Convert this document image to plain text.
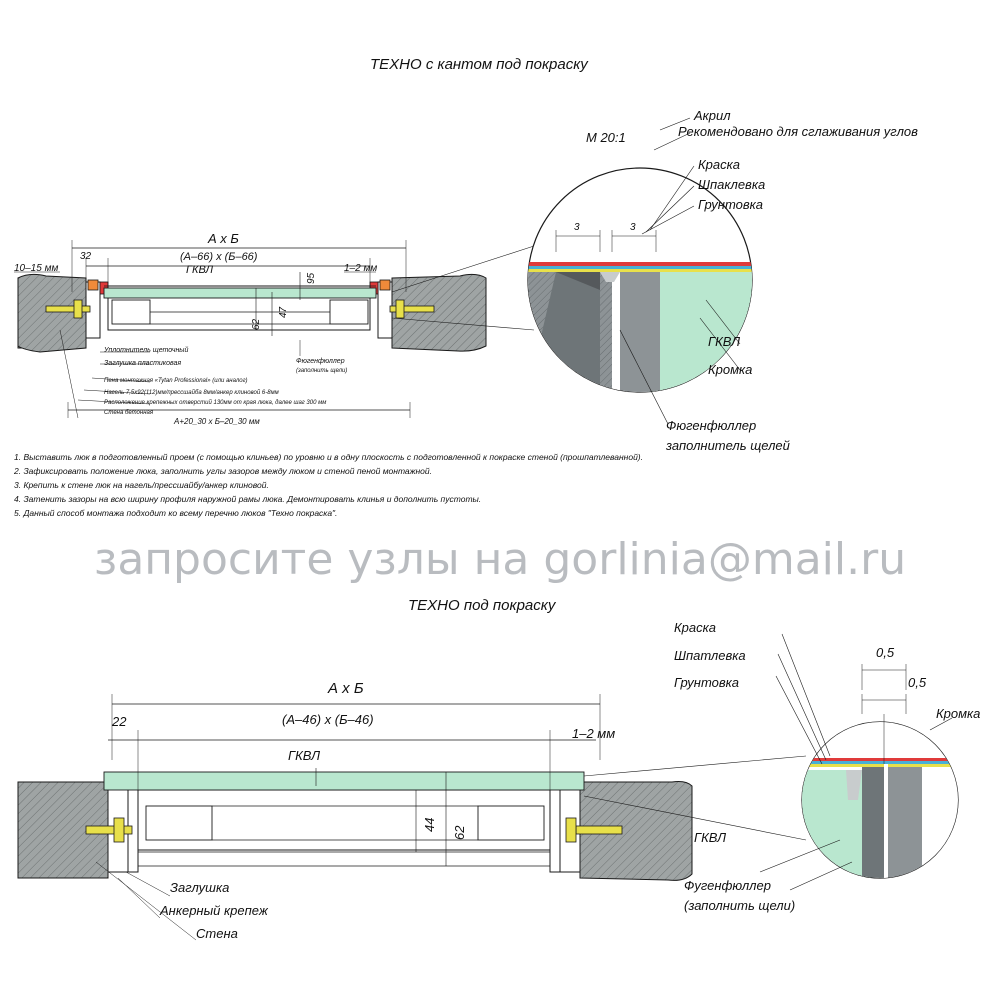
ТЕХНО с кантом под покраску
М 20:1
А х Б
(А–66) х (Б–66)
32
10–15 мм	1–2 мм
95
47
62
ГКВЛ
А+20_30 х Б–20_30 мм
Уплотнитель щеточный
Заглушка пластиковая
Пена монтажная «Tytan Professional» (или аналог)
Нагель 7,5х92(112)мм/прессшайба 8мм/анкер клиновой 6-8мм
Расположение крепежных отверстий 130мм от края люка, далее шаг 300 мм
Стена бетонная
Фюгенфюллер
(заполнить щели)
Акрил
Рекомендовано для сглаживания углов
Краска
Шпаклевка
Грунтовка
ГКВЛ
Кромка
Фюгенфюллер
заполнитель щелей
3	3
1. Выставить люк в подготовленный проем (с помощью клиньев) по уровню и в одну плоскость с подготовленной к покраске стеной (прошпатлеванной).
2. Зафиксировать положение люка, заполнить углы зазоров между люком и стеной пеной монтажной.
3. Крепить к стене люк на нагель/прессшайбу/анкер клиновой.
4. Затенить зазоры на всю ширину профиля наружной рамы люка. Демонтировать клинья и дополнить пустоты.
5. Данный способ монтажа подходит ко всему перечню люков "Техно покраска".
запросите узлы на gorlinia@mail.ru
ТЕХНО под покраску
А х Б
(А–46) х (Б–46)
22
1–2 мм
ГКВЛ
44
62
Заглушка
Анкерный крепеж
Стена
Краска
Шпатлевка
Грунтовка
0,5
0,5
Кромка
ГКВЛ
Фугенфюллер
(заполнить щели)
